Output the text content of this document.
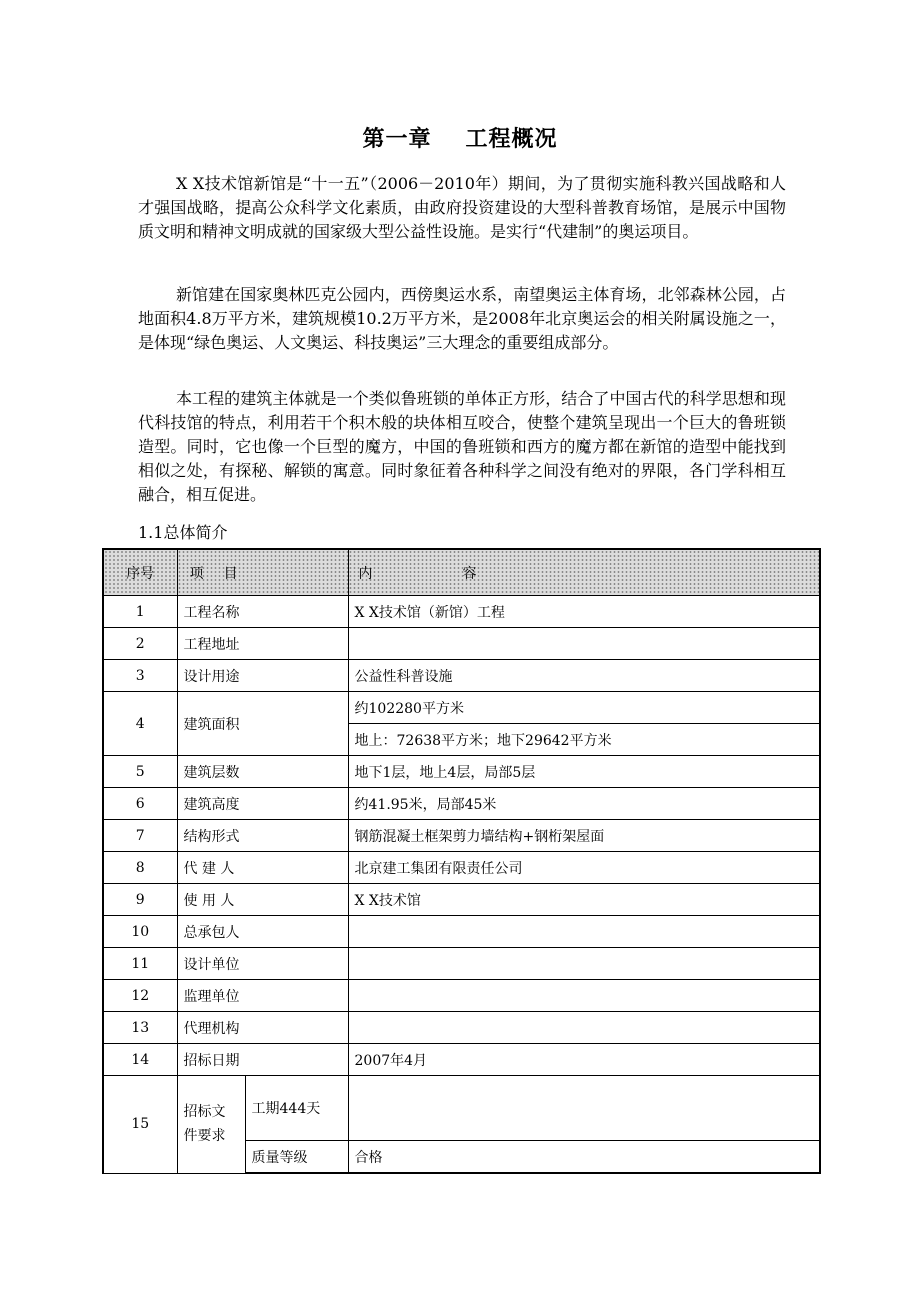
第一章 工程概况

X X技术馆新馆是“十一五”（2006－2010年）期间，为了贯彻实施科教兴国战略和人才强国战略，提高公众科学文化素质，由政府投资建设的大型科普教育场馆，是展示中国物质文明和精神文明成就的国家级大型公益性设施。是实行“代建制”的奥运项目。

新馆建在国家奥林匹克公园内，西傍奥运水系，南望奥运主体育场，北邻森林公园，占地面积4.8万平方米，建筑规模10.2万平方米，是2008年北京奥运会的相关附属设施之一，是体现“绿色奥运、人文奥运、科技奥运”三大理念的重要组成部分。

本工程的建筑主体就是一个类似鲁班锁的单体正方形，结合了中国古代的科学思想和现代科技馆的特点，利用若干个积木般的块体相互咬合，使整个建筑呈现出一个巨大的鲁班锁造型。同时，它也像一个巨型的魔方，中国的鲁班锁和西方的魔方都在新馆的造型中能找到相似之处，有探秘、解锁的寓意。同时象征着各种科学之间没有绝对的界限，各门学科相互融合，相互促进。

1.1总体简介
序号	项 目		内 容
1	工程名称		X X技术馆（新馆）工程
2	工程地址		
3	设计用途		公益性科普设施
4	建筑面积		约102280平方米
			地上：72638平方米；地下29642平方米
5	建筑层数		地下1层，地上4层，局部5层
6	建筑高度		约41.95米，局部45米
7	结构形式		钢筋混凝土框架剪力墙结构+钢桁架屋面
8	代 建 人		北京建工集团有限责任公司
9	使 用 人		X X技术馆
10	总承包人		
11	设计单位		
12	监理单位		
13	代理机构		
14	招标日期		2007年4月
15	招标文件要求	工期444天	
		质量等级	合格
